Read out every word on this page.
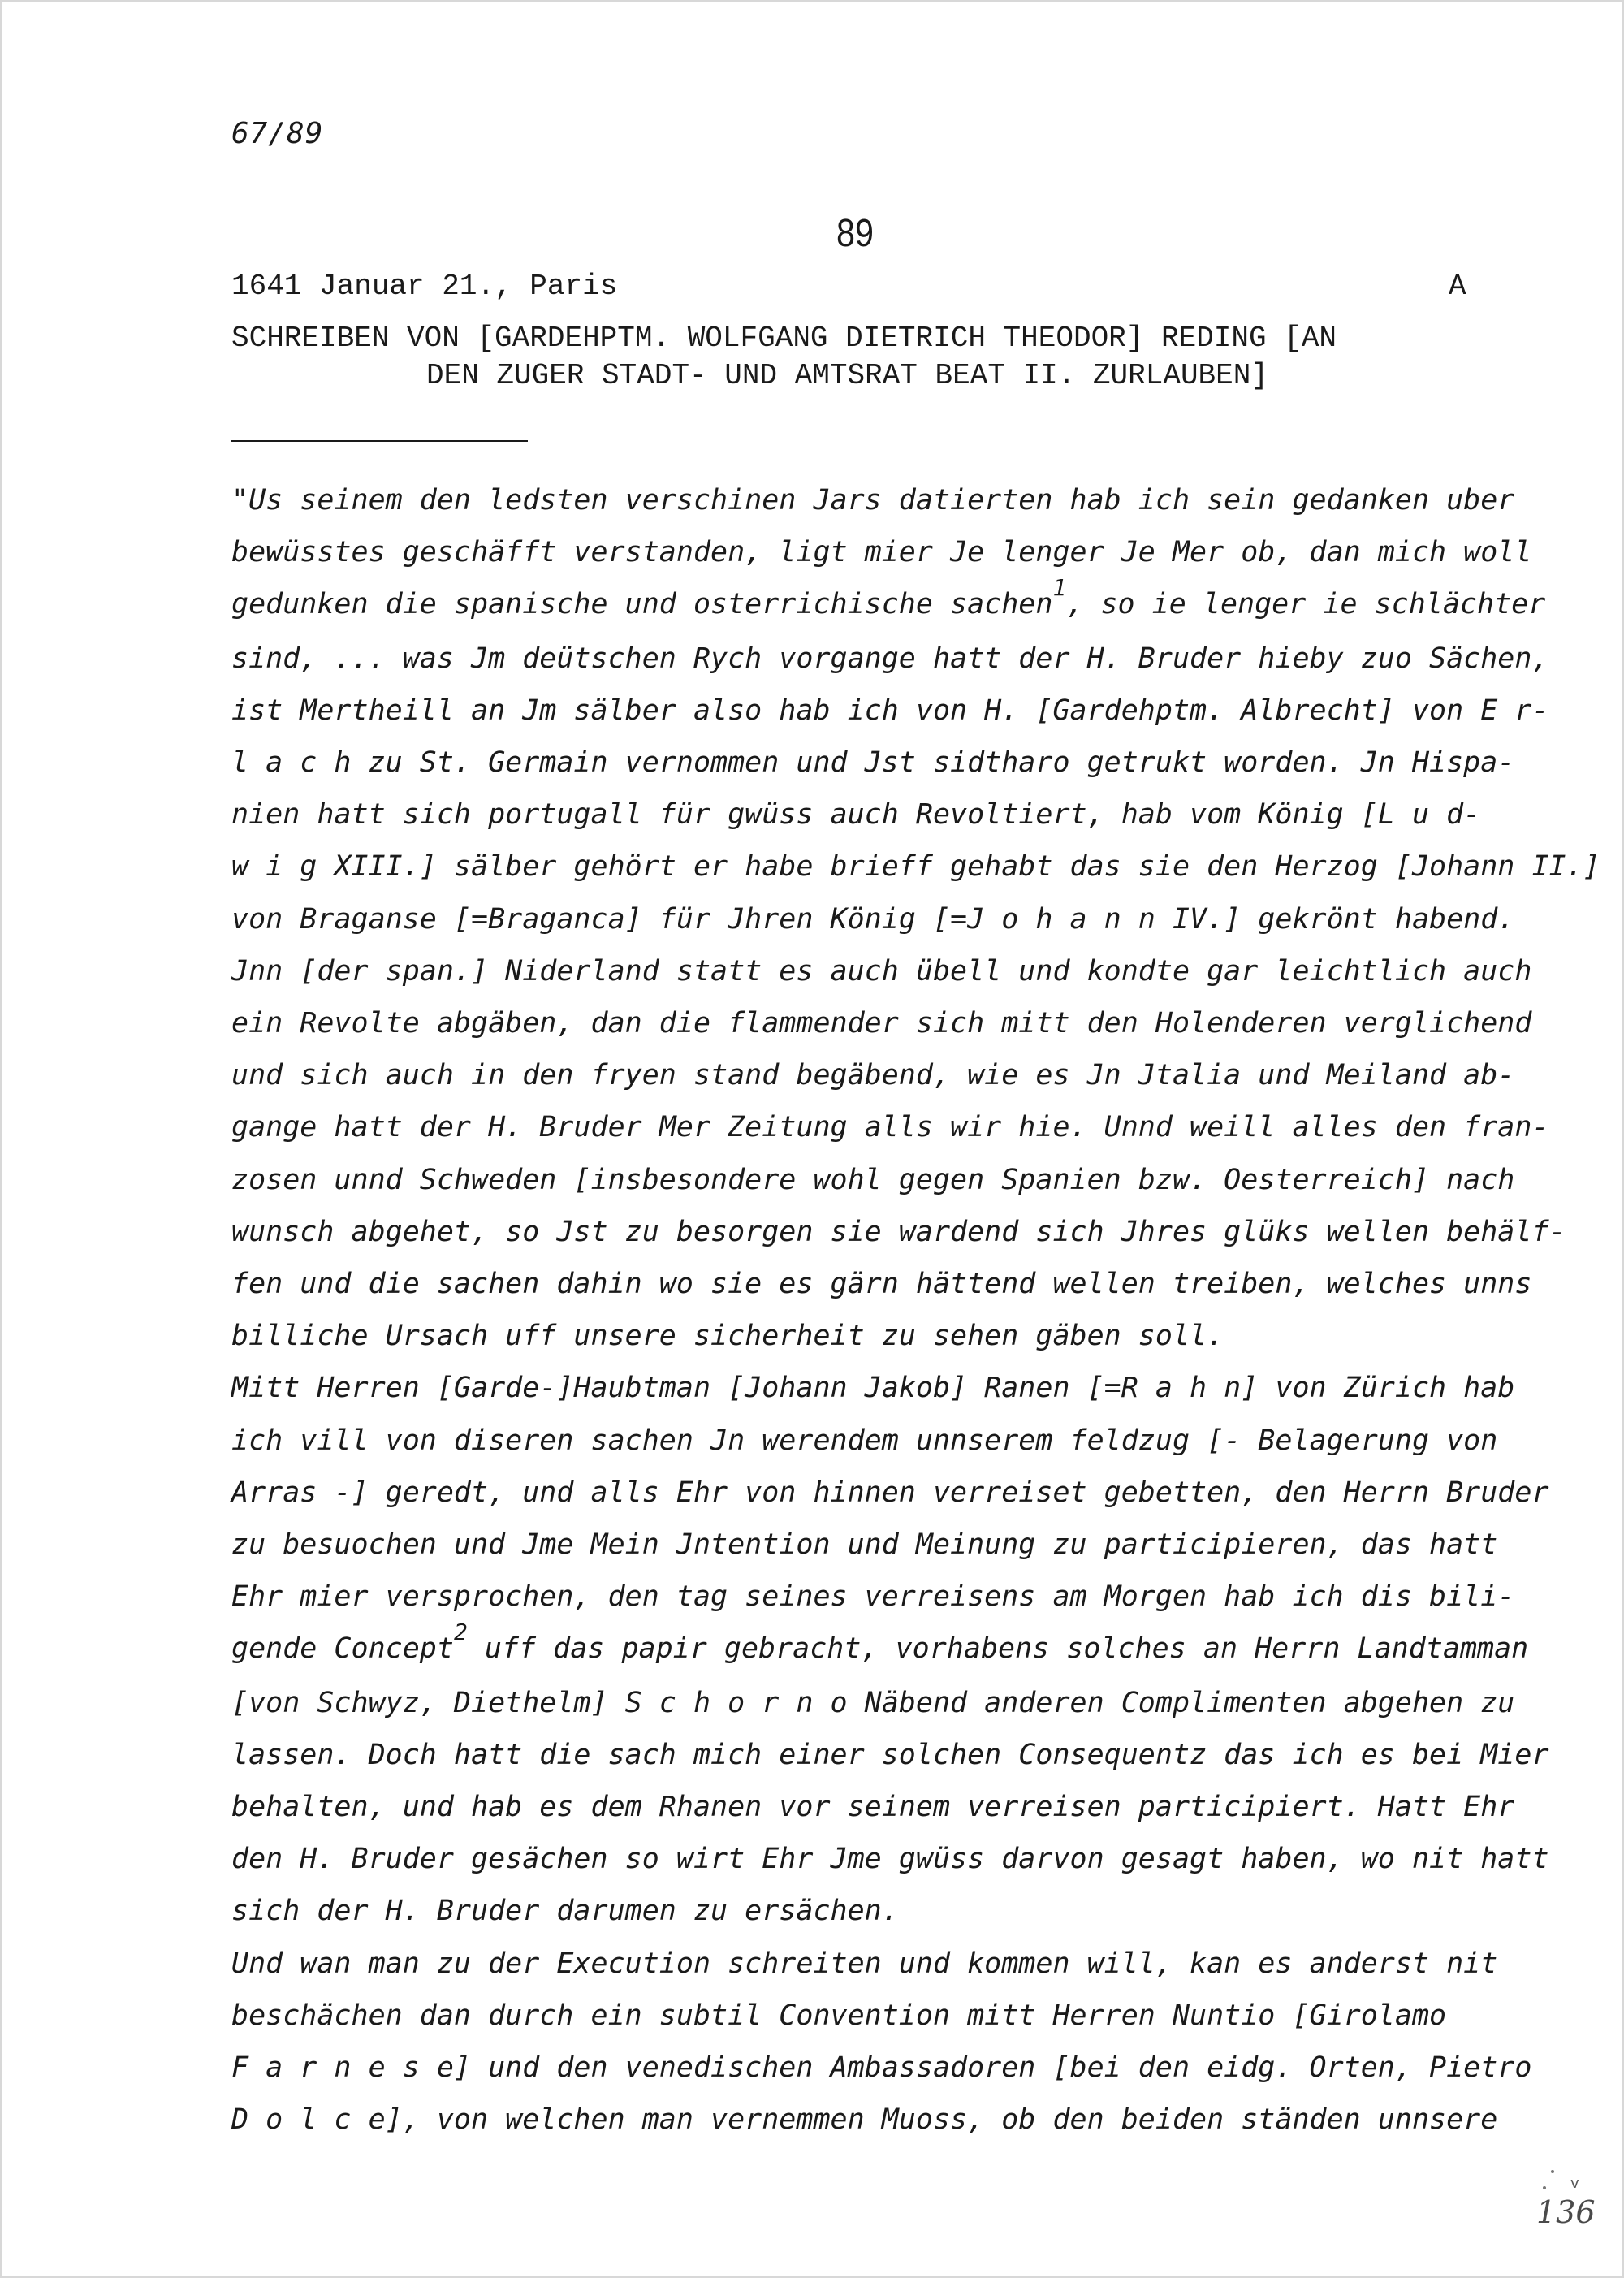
67/89
89
1641 Januar 21., Paris	A
SCHREIBEN VON [GARDEHPTM. WOLFGANG DIETRICH THEODOR] REDING [AN
DEN ZUGER STADT- UND AMTSRAT BEAT II. ZURLAUBEN]
"Us seinem den ledsten verschinen Jars datierten hab ich sein gedanken uber
bewüsstes geschäfft verstanden, ligt mier Je lenger Je Mer ob, dan mich woll
gedunken die spanische und osterrichische sachen$^1$, so ie lenger ie schlächter
sind, ... was Jm deütschen Rych vorgange hatt der H. Bruder hieby zuo Sächen,
ist Mertheill an Jm sälber also hab ich von H. [Gardehptm. Albrecht] von E r-
l a c h zu St. Germain vernommen und Jst sidtharo getrukt worden. Jn Hispa-
nien hatt sich portugall für gwüss auch Revoltiert, hab vom König [L u d-
w i g XIII.] sälber gehört er habe brieff gehabt das sie den Herzog [Johann II.]
von Braganse [=Braganca] für Jhren König [=J o h a n n IV.] gekrönt habend.
Jnn [der span.] Niderland statt es auch übell und kondte gar leichtlich auch
ein Revolte abgäben, dan die flammender sich mitt den Holenderen verglichend
und sich auch in den fryen stand begäbend, wie es Jn Jtalia und Meiland ab-
gange hatt der H. Bruder Mer Zeitung alls wir hie. Unnd weill alles den fran-
zosen unnd Schweden [insbesondere wohl gegen Spanien bzw. Oesterreich] nach
wunsch abgehet, so Jst zu besorgen sie wardend sich Jhres glüks wellen behälf-
fen und die sachen dahin wo sie es gärn hättend wellen treiben, welches unns
billiche Ursach uff unsere sicherheit zu sehen gäben soll.
Mitt Herren [Garde-]Haubtman [Johann Jakob] Ranen [=R a h n] von Zürich hab
ich vill von diseren sachen Jn werendem unnserem feldzug [- Belagerung von
Arras -] geredt, und alls Ehr von hinnen verreiset gebetten, den Herrn Bruder
zu besuochen und Jme Mein Jntention und Meinung zu participieren, das hatt
Ehr mier versprochen, den tag seines verreisens am Morgen hab ich dis bili-
gende Concept$^2$ uff das papir gebracht, vorhabens solches an Herrn Landtamman
[von Schwyz, Diethelm] S c h o r n o Näbend anderen Complimenten abgehen zu
lassen. Doch hatt die sach mich einer solchen Consequentz das ich es bei Mier
behalten, und hab es dem Rhanen vor seinem verreisen participiert. Hatt Ehr
den H. Bruder gesächen so wirt Ehr Jme gwüss darvon gesagt haben, wo nit hatt
sich der H. Bruder darumen zu ersächen.
Und wan man zu der Execution schreiten und kommen will, kan es anderst nit
beschächen dan durch ein subtil Convention mitt Herren Nuntio [Girolamo
F a r n e s e] und den venedischen Ambassadoren [bei den eidg. Orten, Pietro
D o l c e], von welchen man vernemmen Muoss, ob den beiden ständen unnsere
v
136
